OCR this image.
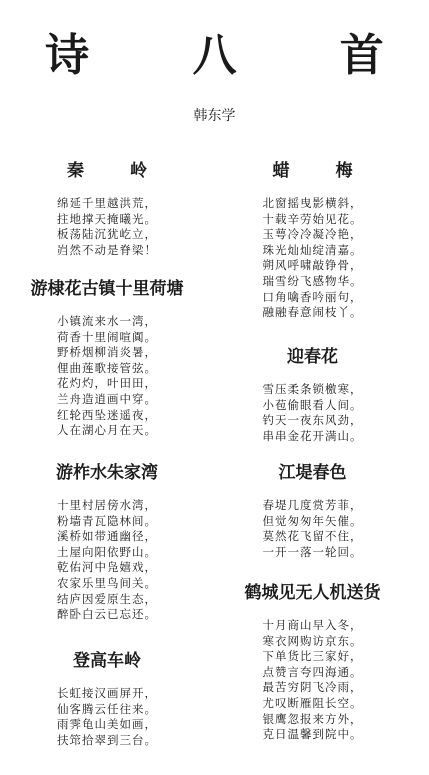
诗 八 首
韩东学
秦 岭
绵延千里越洪荒，
拄地撑天掩曦光。
板荡陆沉犹屹立，
岿然不动是脊梁！
游棣花古镇十里荷塘
小镇流来水一湾，
荷香十里闹喧阗。
野桥烟柳消炎暑，
俚曲莲歌接管弦。
花灼灼，叶田田，
兰舟造逍画中穿。
红轮西坠迷遥夜，
人在湖心月在天。
游柞水朱家湾
十里村居傍水湾，
粉墙青瓦隐林间。
溪桥如带通幽径，
土屋向阳依野山。
乾佑河中凫嬉戏，
农家乐里鸟间关。
结庐因爱原生态，
醉卧白云已忘还。
登高车岭
长虹接汉画屏开，
仙客腾云任往来。
雨霁龟山美如画，
扶筇拾翠到三台。
蜡 梅
北窗摇曳影横斜，
十载辛劳始见花。
玉萼冷冷凝冷艳，
珠光灿灿绽清嘉。
朔风呼啸敲铮骨，
瑞雪纷飞感物华。
口角噙香吟丽句，
融融春意闹枝丫。
迎春花
雪压柔条锁檄寒，
小苞偷眼看人间。
钓天一夜东风劲，
串串金花开满山。
江堤春色
春堤几度赏芳菲，
但觉匆匆年矢催。
莫然花飞留不住，
一开一落一轮回。
鹤城见无人机送货
十月商山早入冬，
寒衣网购访京东。
下单货比三家好，
点赞言夸四海通。
最苦穷阴飞冷雨，
尤叹断雁阻长空。
银鹰忽报来方外，
克日温馨到院中。
